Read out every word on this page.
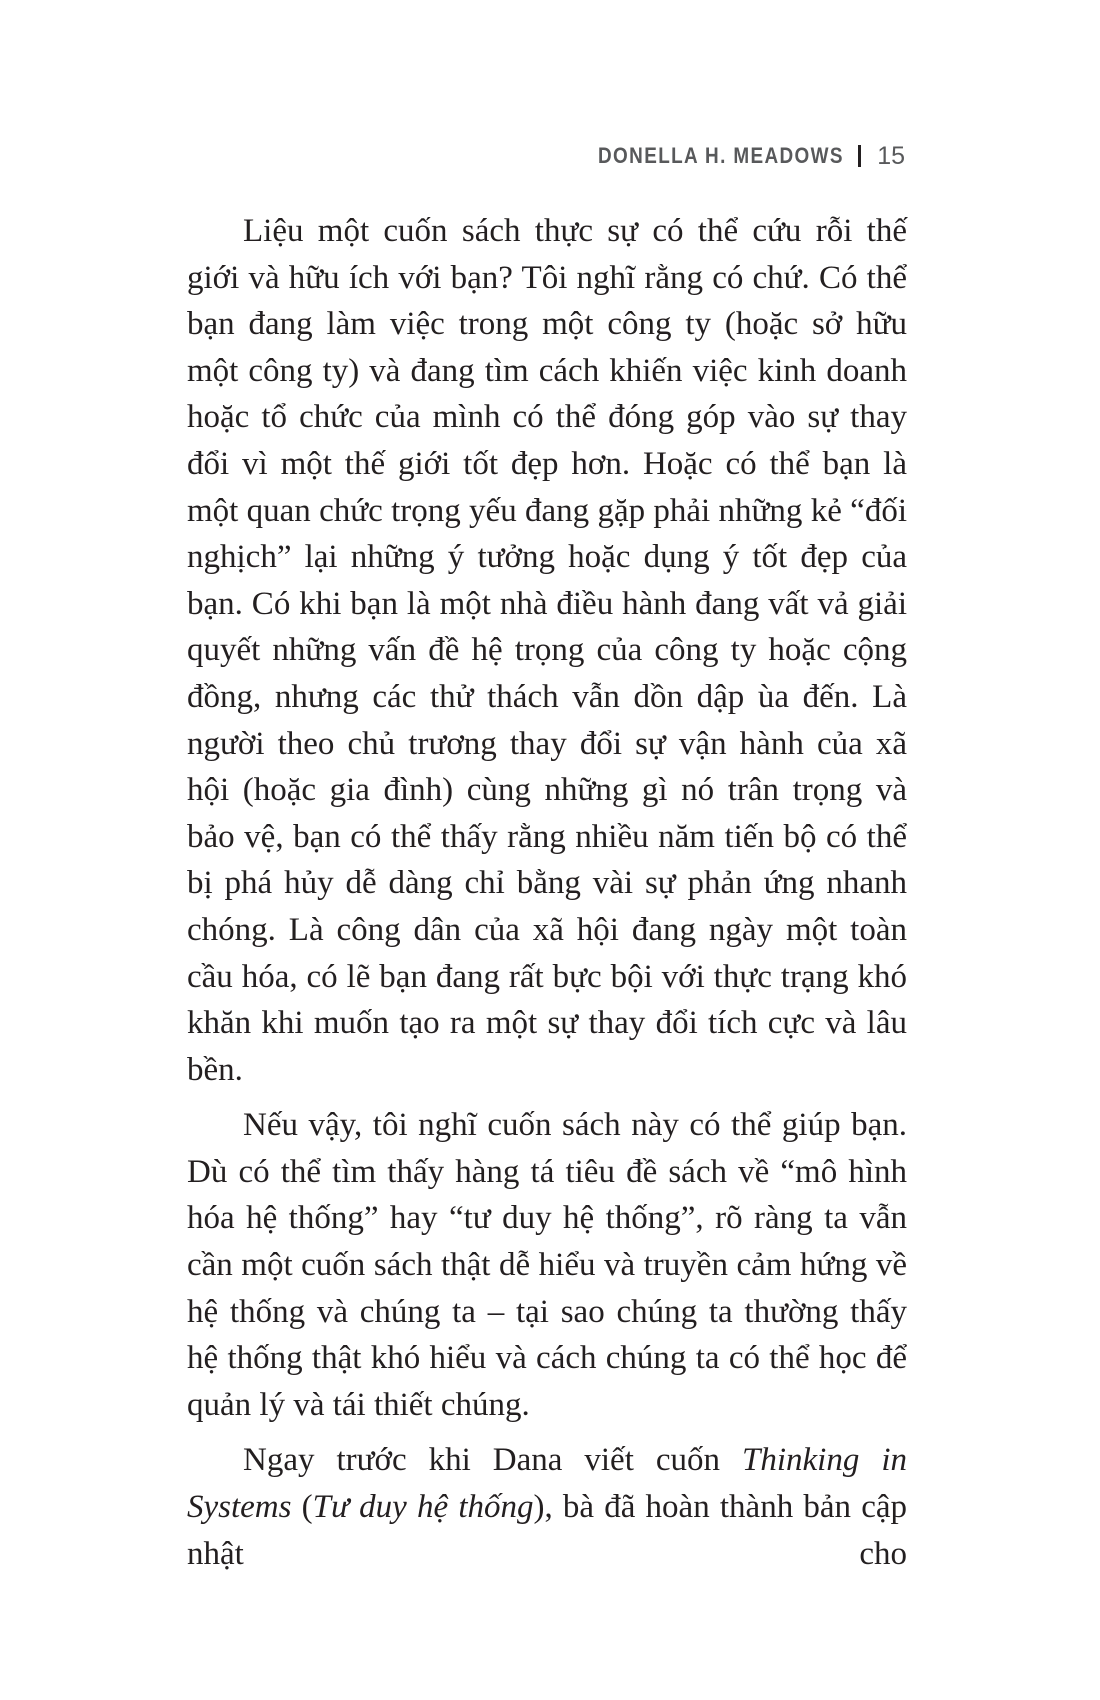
DONELLA H. MEADOWS 15

Liệu một cuốn sách thực sự có thể cứu rỗi thế giới và hữu ích với bạn? Tôi nghĩ rằng có chứ. Có thể bạn đang làm việc trong một công ty (hoặc sở hữu một công ty) và đang tìm cách khiến việc kinh doanh hoặc tổ chức của mình có thể đóng góp vào sự thay đổi vì một thế giới tốt đẹp hơn. Hoặc có thể bạn là một quan chức trọng yếu đang gặp phải những kẻ “đối nghịch” lại những ý tưởng hoặc dụng ý tốt đẹp của bạn. Có khi bạn là một nhà điều hành đang vất vả giải quyết những vấn đề hệ trọng của công ty hoặc cộng đồng, nhưng các thử thách vẫn dồn dập ùa đến. Là người theo chủ trương thay đổi sự vận hành của xã hội (hoặc gia đình) cùng những gì nó trân trọng và bảo vệ, bạn có thể thấy rằng nhiều năm tiến bộ có thể bị phá hủy dễ dàng chỉ bằng vài sự phản ứng nhanh chóng. Là công dân của xã hội đang ngày một toàn cầu hóa, có lẽ bạn đang rất bực bội với thực trạng khó khăn khi muốn tạo ra một sự thay đổi tích cực và lâu bền.

Nếu vậy, tôi nghĩ cuốn sách này có thể giúp bạn. Dù có thể tìm thấy hàng tá tiêu đề sách về “mô hình hóa hệ thống” hay “tư duy hệ thống”, rõ ràng ta vẫn cần một cuốn sách thật dễ hiểu và truyền cảm hứng về hệ thống và chúng ta – tại sao chúng ta thường thấy hệ thống thật khó hiểu và cách chúng ta có thể học để quản lý và tái thiết chúng.

Ngay trước khi Dana viết cuốn Thinking in Systems (Tư duy hệ thống), bà đã hoàn thành bản cập nhật cho
